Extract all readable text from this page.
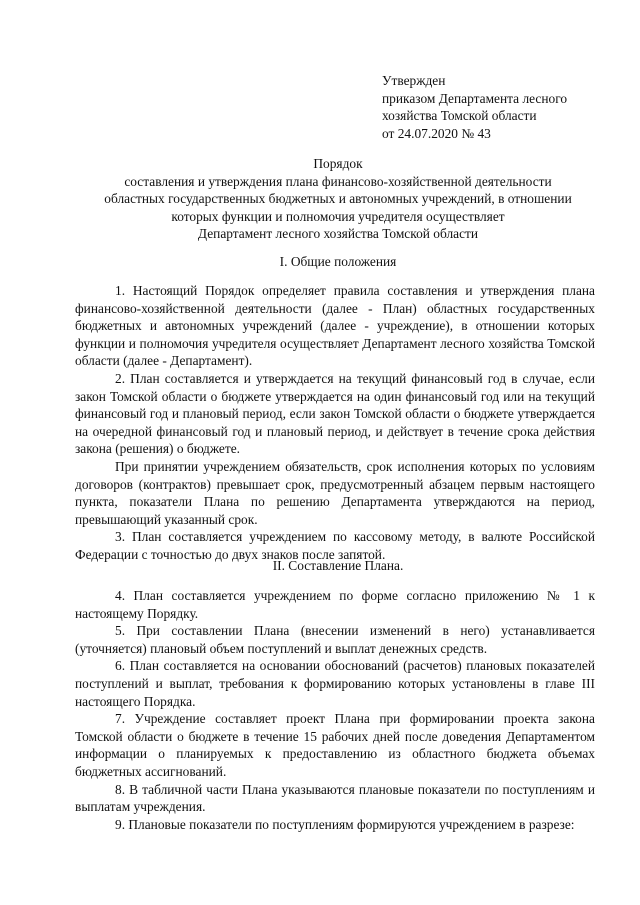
Утвержден
приказом Департамента лесного
хозяйства Томской области
от 24.07.2020 № 43
Порядок
составления и утверждения плана финансово-хозяйственной деятельности
областных государственных бюджетных и автономных учреждений, в отношении
которых функции и полномочия учредителя осуществляет
Департамент лесного хозяйства Томской области
I. Общие положения

1. Настоящий Порядок определяет правила составления и утверждения плана финансово-хозяйственной деятельности (далее - План) областных государственных бюджетных и автономных учреждений (далее - учреждение), в отношении которых функции и полномочия учредителя осуществляет Департамент лесного хозяйства Томской области (далее - Департамент).

2. План составляется и утверждается на текущий финансовый год в случае, если закон Томской области о бюджете утверждается на один финансовый год или на текущий финансовый год и плановый период, если закон Томской области о бюджете утверждается на очередной финансовый год и плановый период, и действует в течение срока действия закона (решения) о бюджете.

При принятии учреждением обязательств, срок исполнения которых по условиям договоров (контрактов) превышает срок, предусмотренный абзацем первым настоящего пункта, показатели Плана по решению Департамента утверждаются на период, превышающий указанный срок.

3. План составляется учреждением по кассовому методу, в валюте Российской Федерации с точностью до двух знаков после запятой.

II. Составление Плана.

4. План составляется учреждением по форме согласно приложению № 1 к настоящему Порядку.

5. При составлении Плана (внесении изменений в него) устанавливается (уточняется) плановый объем поступлений и выплат денежных средств.

6. План составляется на основании обоснований (расчетов) плановых показателей поступлений и выплат, требования к формированию которых установлены в главе III настоящего Порядка.

7. Учреждение составляет проект Плана при формировании проекта закона Томской области о бюджете в течение 15 рабочих дней после доведения Департаментом информации о планируемых к предоставлению из областного бюджета объемах бюджетных ассигнований.

8. В табличной части Плана указываются плановые показатели по поступлениям и выплатам учреждения.

9. Плановые показатели по поступлениям формируются учреждением в разрезе:
